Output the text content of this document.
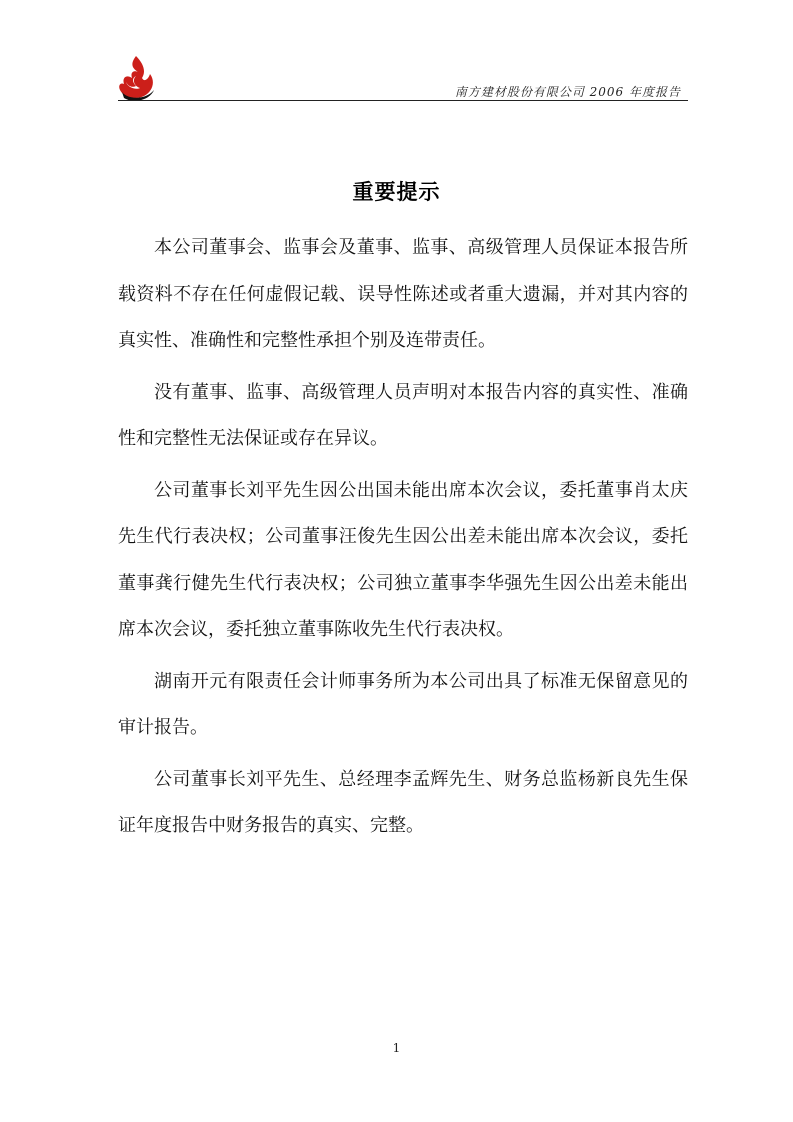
南方建材股份有限公司 2006 年度报告
重要提示

本公司董事会、监事会及董事、监事、高级管理人员保证本报告所载资料不存在任何虚假记载、误导性陈述或者重大遗漏，并对其内容的真实性、准确性和完整性承担个别及连带责任。

没有董事、监事、高级管理人员声明对本报告内容的真实性、准确性和完整性无法保证或存在异议。

公司董事长刘平先生因公出国未能出席本次会议，委托董事肖太庆先生代行表决权；公司董事汪俊先生因公出差未能出席本次会议，委托董事龚行健先生代行表决权；公司独立董事李华强先生因公出差未能出席本次会议，委托独立董事陈收先生代行表决权。

湖南开元有限责任会计师事务所为本公司出具了标准无保留意见的审计报告。

公司董事长刘平先生、总经理李孟辉先生、财务总监杨新良先生保证年度报告中财务报告的真实、完整。

1
